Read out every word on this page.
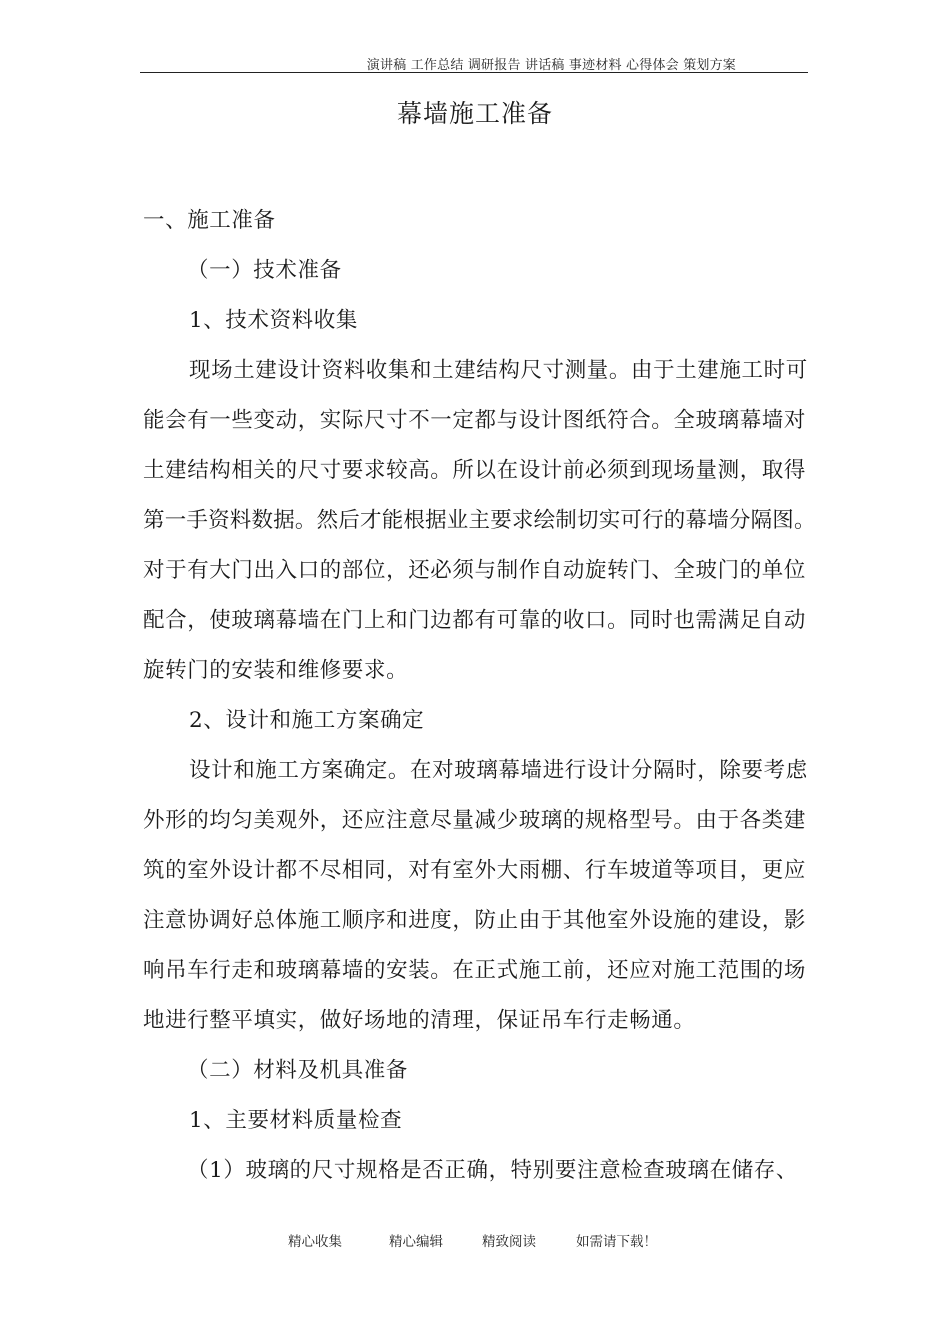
演讲稿 工作总结 调研报告 讲话稿 事迹材料 心得体会 策划方案
幕墙施工准备
一、施工准备
（一）技术准备
1、技术资料收集
现场土建设计资料收集和土建结构尺寸测量。由于土建施工时可
能会有一些变动，实际尺寸不一定都与设计图纸符合。全玻璃幕墙对
土建结构相关的尺寸要求较高。所以在设计前必须到现场量测，取得
第一手资料数据。然后才能根据业主要求绘制切实可行的幕墙分隔图。
对于有大门出入口的部位，还必须与制作自动旋转门、全玻门的单位
配合，使玻璃幕墙在门上和门边都有可靠的收口。同时也需满足自动
旋转门的安装和维修要求。
2、设计和施工方案确定
设计和施工方案确定。在对玻璃幕墙进行设计分隔时，除要考虑
外形的均匀美观外，还应注意尽量减少玻璃的规格型号。由于各类建
筑的室外设计都不尽相同，对有室外大雨棚、行车坡道等项目，更应
注意协调好总体施工顺序和进度，防止由于其他室外设施的建设，影
响吊车行走和玻璃幕墙的安装。在正式施工前，还应对施工范围的场
地进行整平填实，做好场地的清理，保证吊车行走畅通。
（二）材料及机具准备
1、主要材料质量检查
（1）玻璃的尺寸规格是否正确，特别要注意检查玻璃在储存、
精心收集	精心编辑	精致阅读	如需请下载！
